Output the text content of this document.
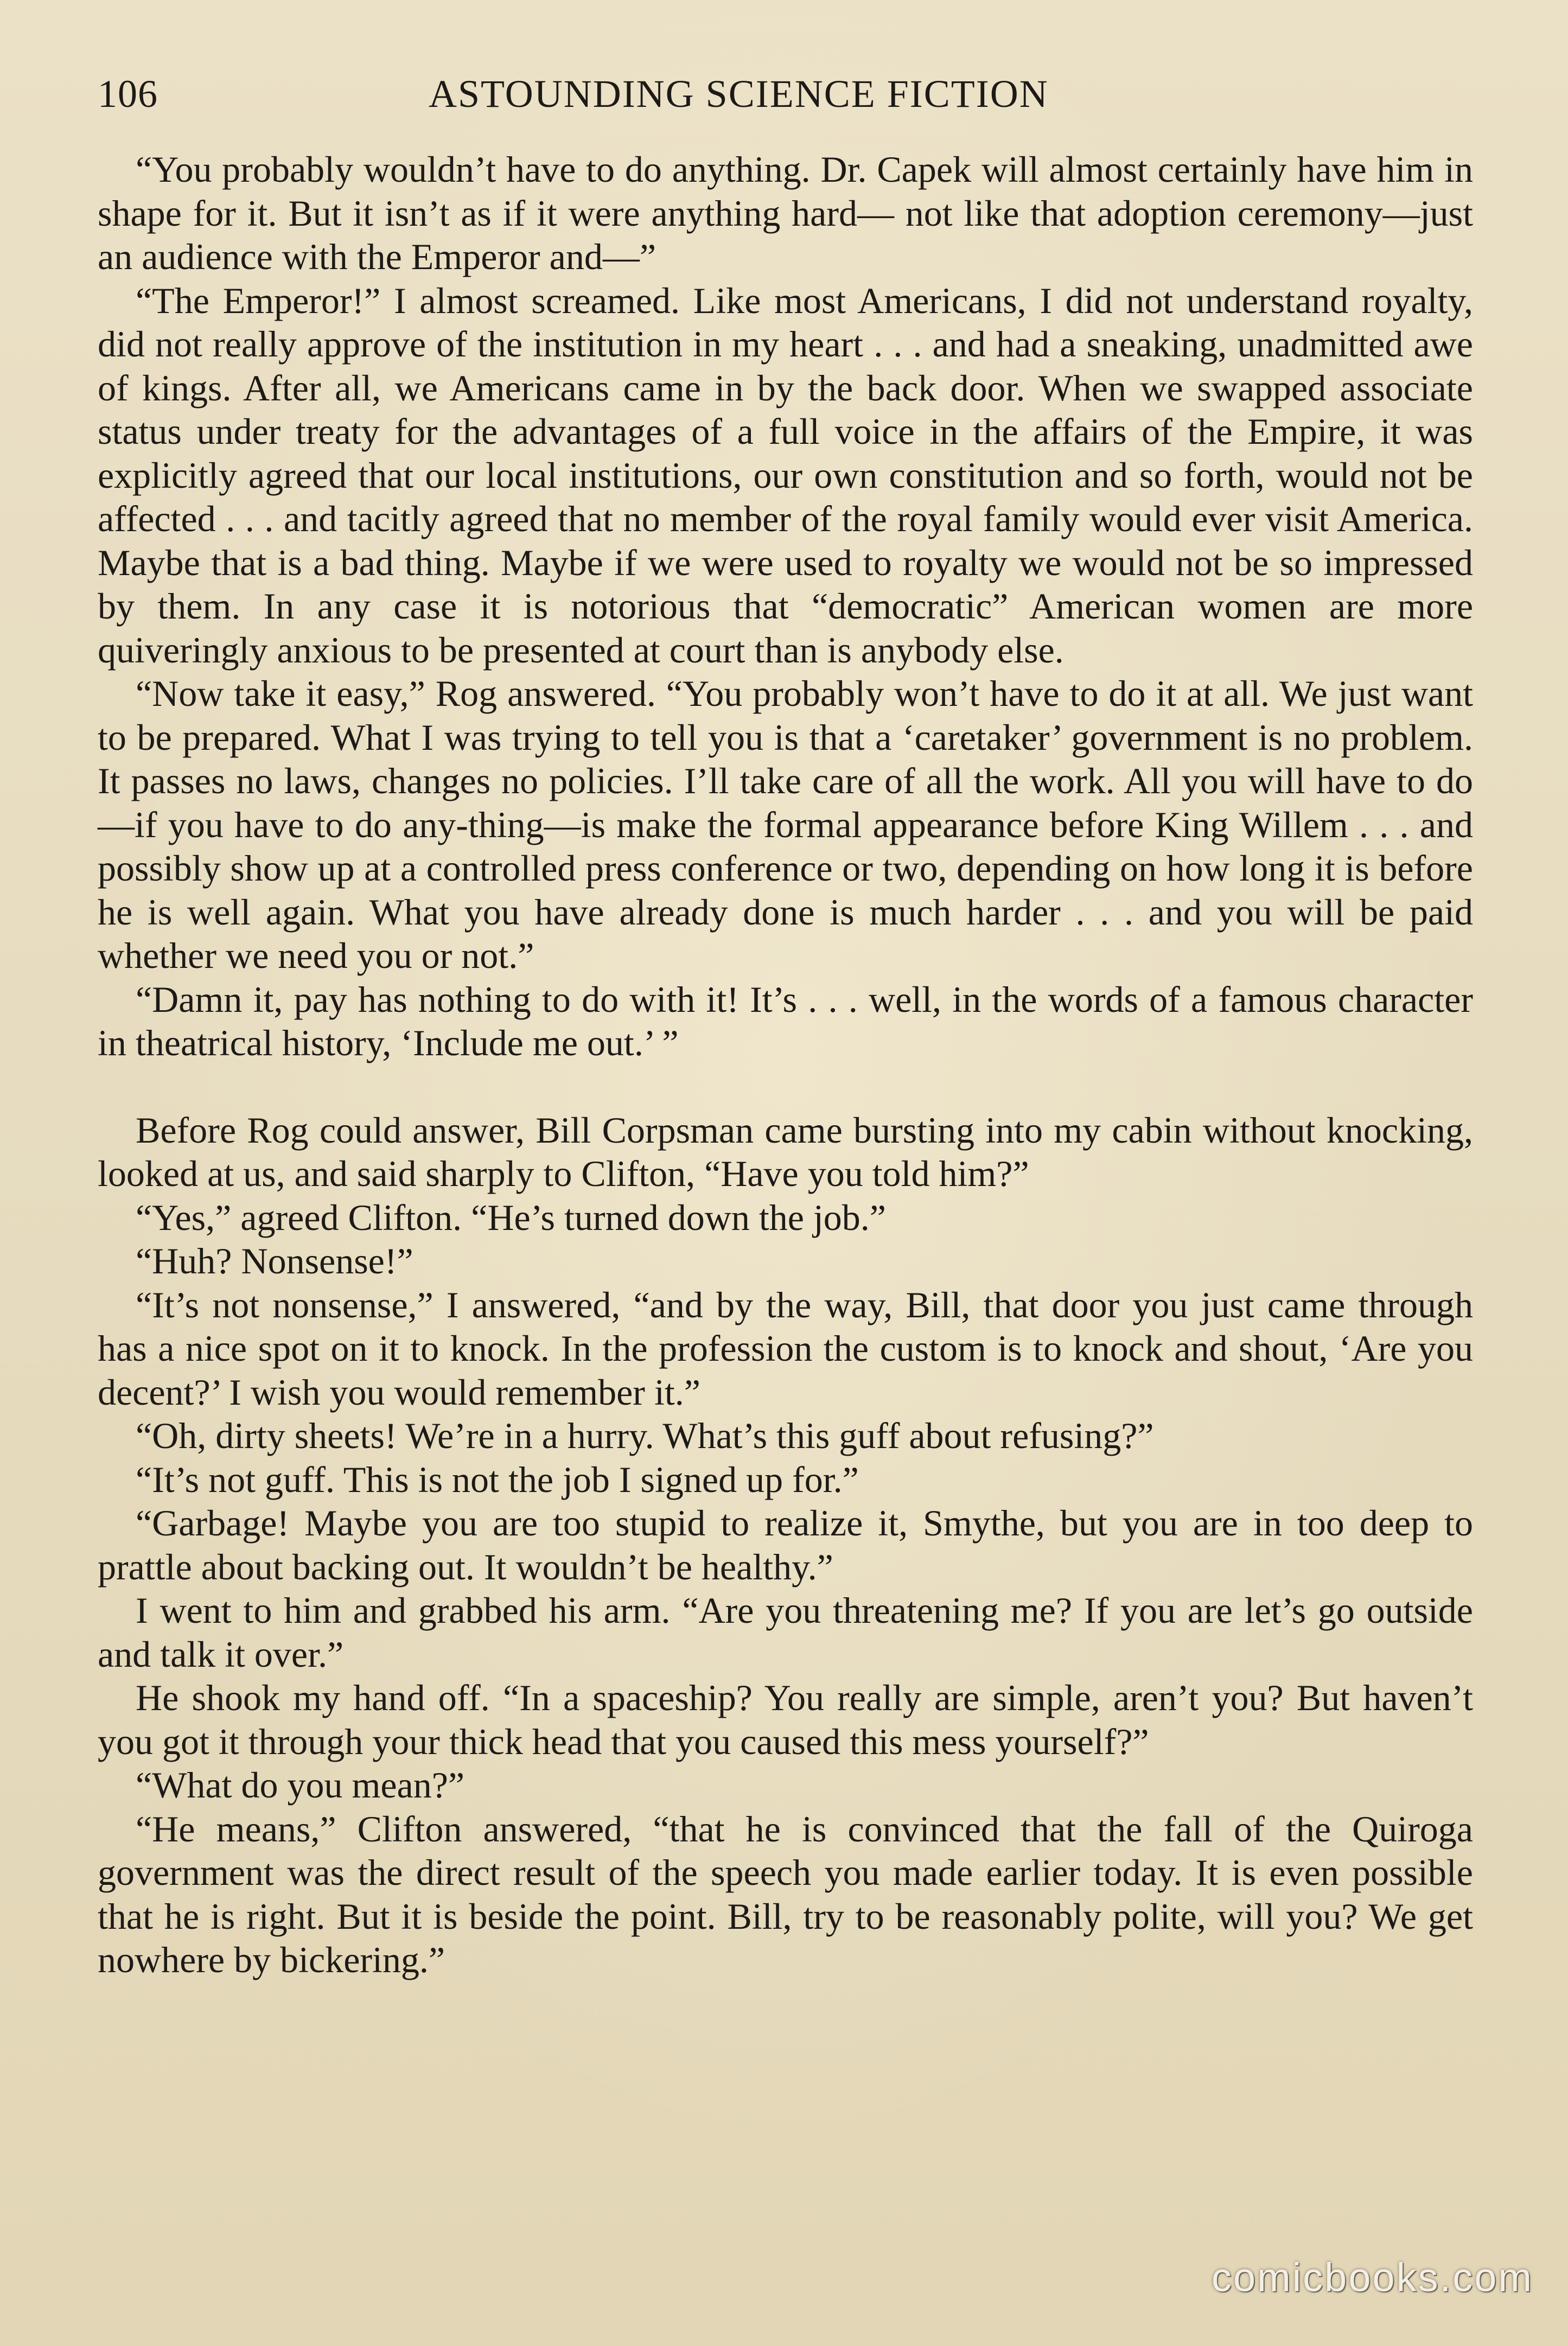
106	ASTOUNDING SCIENCE FICTION

“You probably wouldn’t have to do anything. Dr. Capek will almost certainly have him in shape for it. But it isn’t as if it were anything hard— not like that adoption ceremony—just an audience with the Emperor and—”

“The Emperor!” I almost screamed. Like most Americans, I did not understand royalty, did not really approve of the institution in my heart . . . and had a sneaking, unadmitted awe of kings. After all, we Americans came in by the back door. When we swapped associate status under treaty for the advantages of a full voice in the affairs of the Empire, it was explicitly agreed that our local institutions, our own constitution and so forth, would not be affected . . . and tacitly agreed that no member of the royal family would ever visit America. Maybe that is a bad thing. Maybe if we were used to royalty we would not be so impressed by them. In any case it is notorious that “democratic” American women are more quiveringly anxious to be presented at court than is anybody else.

“Now take it easy,” Rog answered. “You probably won’t have to do it at all. We just want to be prepared. What I was trying to tell you is that a ‘caretaker’ government is no problem. It passes no laws, changes no policies. I’ll take care of all the work. All you will have to do—if you have to do any-thing—is make the formal appearance before King Willem . . . and possibly show up at a controlled press conference or two, depending on how long it is before he is well again. What you have already done is much harder . . . and you will be paid whether we need you or not.”

“Damn it, pay has nothing to do with it! It’s . . . well, in the words of a famous character in theatrical history, ‘Include me out.’ ”

Before Rog could answer, Bill Corpsman came bursting into my cabin without knocking, looked at us, and said sharply to Clifton, “Have you told him?”

“Yes,” agreed Clifton. “He’s turned down the job.”

“Huh? Nonsense!”

“It’s not nonsense,” I answered, “and by the way, Bill, that door you just came through has a nice spot on it to knock. In the profession the custom is to knock and shout, ‘Are you decent?’ I wish you would remember it.”

“Oh, dirty sheets! We’re in a hurry. What’s this guff about refusing?”

“It’s not guff. This is not the job I signed up for.”

“Garbage! Maybe you are too stupid to realize it, Smythe, but you are in too deep to prattle about backing out. It wouldn’t be healthy.”

I went to him and grabbed his arm. “Are you threatening me? If you are let’s go outside and talk it over.”

He shook my hand off. “In a spaceship? You really are simple, aren’t you? But haven’t you got it through your thick head that you caused this mess yourself?”

“What do you mean?”

“He means,” Clifton answered, “that he is convinced that the fall of the Quiroga government was the direct result of the speech you made earlier today. It is even possible that he is right. But it is beside the point. Bill, try to be reasonably polite, will you? We get nowhere by bickering.”

comicbooks.com
